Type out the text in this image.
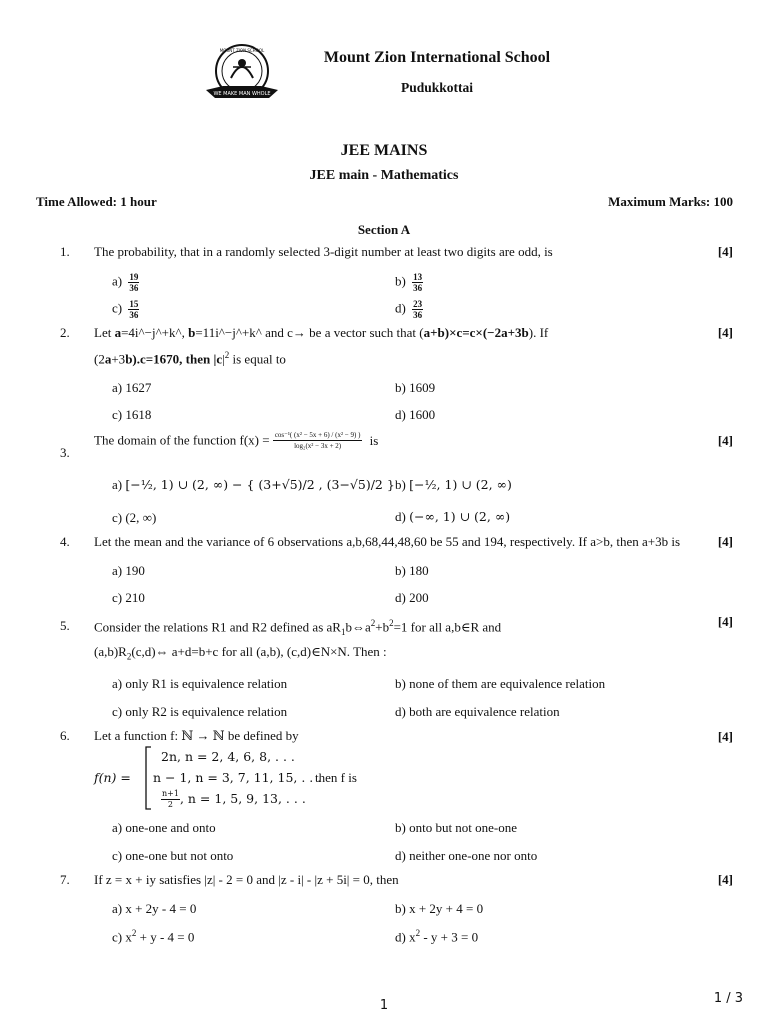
WE MAKE MAN WHOLE
MOUNT ZION SCHOOL	Mount Zion International School
Pudukkottai
JEE MAINS
JEE main - Mathematics
Time Allowed: 1 hour	Maximum Marks: 100
Section A
1. The probability, that in a randomly selected 3-digit number at least two digits are odd, is	[4]
$a) \frac{19}{36}$	$b) \frac{13}{36}$
$c) \frac{15}{36}$	$d) \frac{23}{36}$
2. Let a=4i^−j^+k^, b=11i^−j^+k^ and c→ be a vector such that (a+b)×c=c×(−2a+3b). If
(2a+3b).c=1670, then $|c|^2$ is equal to
[4]
a) 1627	b) 1609
c) 1618	d) 1600
3.
The domain of the function $f(x) = \frac{\text{cos⁻¹( (x² − 5x + 6) / (x² − 9) )}}{\text{log₂(x² − 3x + 2)}}$ is	[4]
a) [−½, 1) ∪ (2, ∞) − { (3+√5)/2 , (3−√5)/2 } b) [−½, 1) ∪ (2, ∞)
c) (2, ∞)	d) (−∞, 1) ∪ (2, ∞)
4. Let the mean and the variance of 6 observations a,b,68,44,48,60 be 55 and 194, respectively. If a>b, then a+3b is	[4]
a) 190	b) 180
c) 210	d) 200
5. Consider the relations R1 and R2 defined as $aR_1b\Leftrightarrow a^2+b^2=1$ for all a,b∈R and
$(a,b)R_2(c,d)\Leftrightarrow$ a+d=b+c for all (a,b), (c,d)∈N×N. Then :
[4]
a) only R1 is equivalence relation	b) none of them are equivalence relation
c) only R2 is equivalence relation	d) both are equivalence relation
6. Let a function f: ℕ → ℕ be defined by	[4]
f(n) =
2n, n = 2, 4, 6, 8, . . .
n − 1, n = 3, 7, 11, 15, . . .
$\frac{n+1}{2}$ , n = 1, 5, 9, 13, . . .
then f is
a) one-one and onto	b) onto but not one-one
c) one-one but not onto	d) neither one-one nor onto
7. If z = x + iy satisfies |z| - 2 = 0 and |z - i| - |z + 5i| = 0, then	[4]
a) x + 2y - 4 = 0	b) x + 2y + 4 = 0
c) $x^2 + y - 4 = 0$	d) $x^2 - y + 3 = 0$
1	1 / 3
